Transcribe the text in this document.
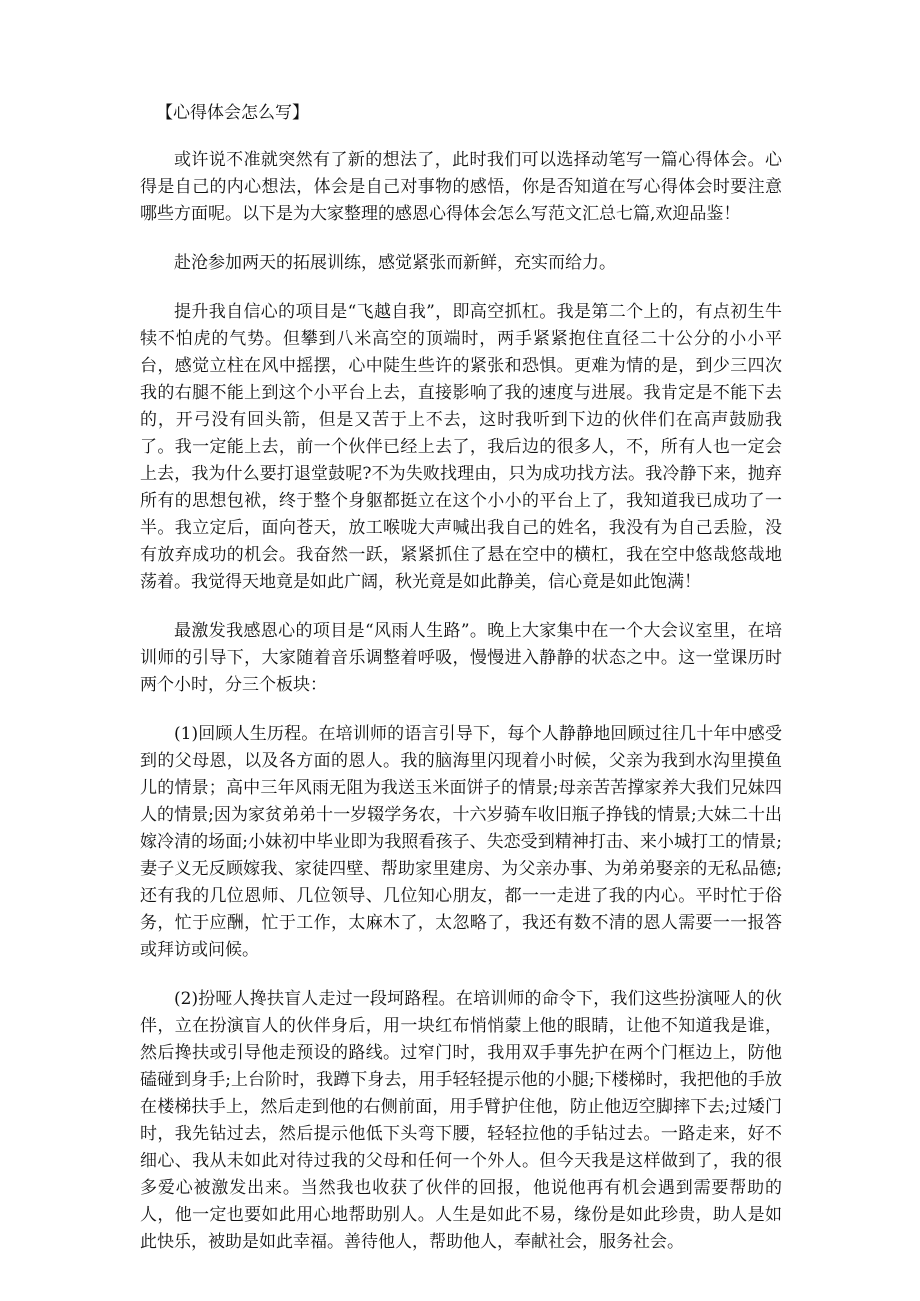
【心得体会怎么写】

或许说不准就突然有了新的想法了，此时我们可以选择动笔写一篇心得体会。心得是自己的内心想法，体会是自己对事物的感悟，你是否知道在写心得体会时要注意哪些方面呢。以下是为大家整理的感恩心得体会怎么写范文汇总七篇,欢迎品鉴！

赴沧参加两天的拓展训练，感觉紧张而新鲜，充实而给力。

提升我自信心的项目是“飞越自我”，即高空抓杠。我是第二个上的，有点初生牛犊不怕虎的气势。但攀到八米高空的顶端时，两手紧紧抱住直径二十公分的小小平台，感觉立柱在风中摇摆，心中陡生些许的紧张和恐惧。更难为情的是，到少三四次我的右腿不能上到这个小平台上去，直接影响了我的速度与进展。我肯定是不能下去的，开弓没有回头箭，但是又苦于上不去，这时我听到下边的伙伴们在高声鼓励我了。我一定能上去，前一个伙伴已经上去了，我后边的很多人，不，所有人也一定会上去，我为什么要打退堂鼓呢?不为失败找理由，只为成功找方法。我冷静下来，抛弃所有的思想包袱，终于整个身躯都挺立在这个小小的平台上了，我知道我已成功了一半。我立定后，面向苍天，放工喉咙大声喊出我自己的姓名，我没有为自己丢脸，没有放弃成功的机会。我奋然一跃，紧紧抓住了悬在空中的横杠，我在空中悠哉悠哉地荡着。我觉得天地竟是如此广阔，秋光竟是如此静美，信心竟是如此饱满！

最激发我感恩心的项目是“风雨人生路”。晚上大家集中在一个大会议室里，在培训师的引导下，大家随着音乐调整着呼吸，慢慢进入静静的状态之中。这一堂课历时两个小时，分三个板块：

(1)回顾人生历程。在培训师的语言引导下，每个人静静地回顾过往几十年中感受到的父母恩，以及各方面的恩人。我的脑海里闪现着小时候，父亲为我到水沟里摸鱼儿的情景；高中三年风雨无阻为我送玉米面饼子的情景;母亲苦苦撑家养大我们兄妹四人的情景;因为家贫弟弟十一岁辍学务农，十六岁骑车收旧瓶子挣钱的情景;大妹二十出嫁冷清的场面;小妹初中毕业即为我照看孩子、失恋受到精神打击、来小城打工的情景;妻子义无反顾嫁我、家徒四壁、帮助家里建房、为父亲办事、为弟弟娶亲的无私品德;还有我的几位恩师、几位领导、几位知心朋友，都一一走进了我的内心。平时忙于俗务，忙于应酬，忙于工作，太麻木了，太忽略了，我还有数不清的恩人需要一一报答或拜访或问候。

(2)扮哑人搀扶盲人走过一段坷路程。在培训师的命令下，我们这些扮演哑人的伙伴，立在扮演盲人的伙伴身后，用一块红布悄悄蒙上他的眼睛，让他不知道我是谁，然后搀扶或引导他走预设的路线。过窄门时，我用双手事先护在两个门框边上，防他磕碰到身手;上台阶时，我蹲下身去，用手轻轻提示他的小腿;下楼梯时，我把他的手放在楼梯扶手上，然后走到他的右侧前面，用手臂护住他，防止他迈空脚摔下去;过矮门时，我先钻过去，然后提示他低下头弯下腰，轻轻拉他的手钻过去。一路走来，好不细心、我从未如此对待过我的父母和任何一个外人。但今天我是这样做到了，我的很多爱心被激发出来。当然我也收获了伙伴的回报，他说他再有机会遇到需要帮助的人，他一定也要如此用心地帮助别人。人生是如此不易，缘份是如此珍贵，助人是如此快乐，被助是如此幸福。善待他人，帮助他人，奉献社会，服务社会。
